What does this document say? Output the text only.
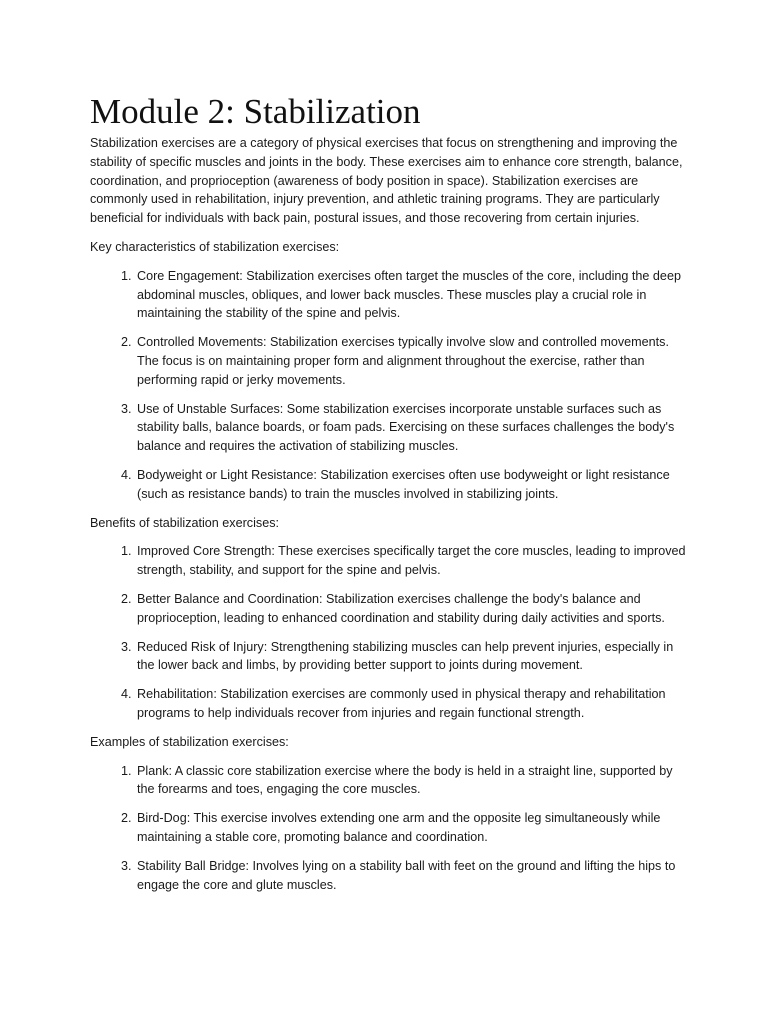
Module 2: Stabilization

Stabilization exercises are a category of physical exercises that focus on strengthening and improving the stability of specific muscles and joints in the body. These exercises aim to enhance core strength, balance, coordination, and proprioception (awareness of body position in space). Stabilization exercises are commonly used in rehabilitation, injury prevention, and athletic training programs. They are particularly beneficial for individuals with back pain, postural issues, and those recovering from certain injuries.

Key characteristics of stabilization exercises:

1. Core Engagement: Stabilization exercises often target the muscles of the core, including the deep abdominal muscles, obliques, and lower back muscles. These muscles play a crucial role in maintaining the stability of the spine and pelvis.
2. Controlled Movements: Stabilization exercises typically involve slow and controlled movements. The focus is on maintaining proper form and alignment throughout the exercise, rather than performing rapid or jerky movements.
3. Use of Unstable Surfaces: Some stabilization exercises incorporate unstable surfaces such as stability balls, balance boards, or foam pads. Exercising on these surfaces challenges the body's balance and requires the activation of stabilizing muscles.
4. Bodyweight or Light Resistance: Stabilization exercises often use bodyweight or light resistance (such as resistance bands) to train the muscles involved in stabilizing joints.

Benefits of stabilization exercises:

1. Improved Core Strength: These exercises specifically target the core muscles, leading to improved strength, stability, and support for the spine and pelvis.
2. Better Balance and Coordination: Stabilization exercises challenge the body's balance and proprioception, leading to enhanced coordination and stability during daily activities and sports.
3. Reduced Risk of Injury: Strengthening stabilizing muscles can help prevent injuries, especially in the lower back and limbs, by providing better support to joints during movement.
4. Rehabilitation: Stabilization exercises are commonly used in physical therapy and rehabilitation programs to help individuals recover from injuries and regain functional strength.

Examples of stabilization exercises:

1. Plank: A classic core stabilization exercise where the body is held in a straight line, supported by the forearms and toes, engaging the core muscles.
2. Bird-Dog: This exercise involves extending one arm and the opposite leg simultaneously while maintaining a stable core, promoting balance and coordination.
3. Stability Ball Bridge: Involves lying on a stability ball with feet on the ground and lifting the hips to engage the core and glute muscles.
